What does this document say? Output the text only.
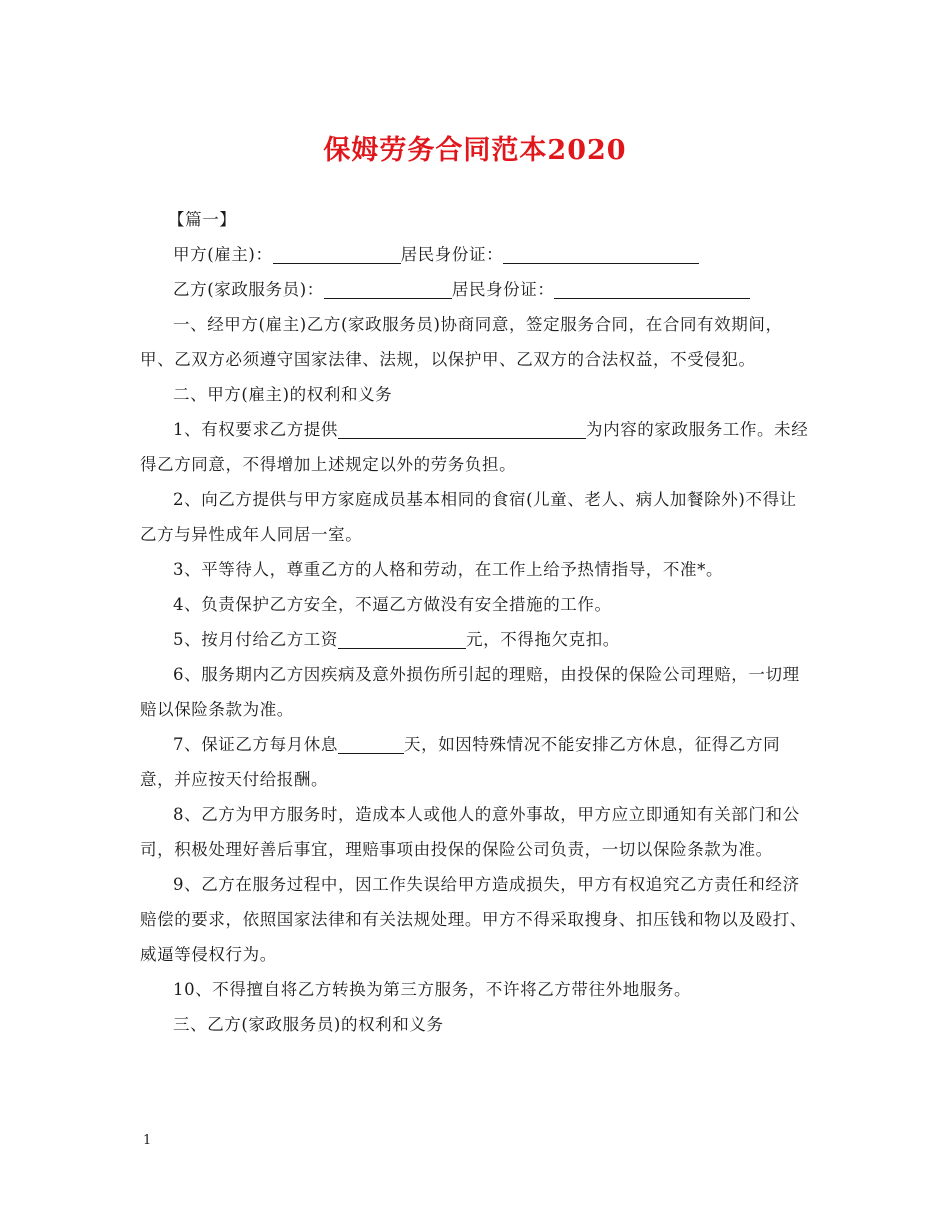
保姆劳务合同范本2020

【篇一】

甲方(雇主)：	居民身份证：

乙方(家政服务员)：	居民身份证：

一、经甲方(雇主)乙方(家政服务员)协商同意，签定服务合同，在合同有效期间，甲、乙双方必须遵守国家法律、法规，以保护甲、乙双方的合法权益，不受侵犯。

二、甲方(雇主)的权利和义务

1、有权要求乙方提供	为内容的家政服务工作。未经得乙方同意，不得增加上述规定以外的劳务负担。

2、向乙方提供与甲方家庭成员基本相同的食宿(儿童、老人、病人加餐除外)不得让乙方与异性成年人同居一室。

3、平等待人，尊重乙方的人格和劳动，在工作上给予热情指导，不准*。

4、负责保护乙方安全，不逼乙方做没有安全措施的工作。

5、按月付给乙方工资	元，不得拖欠克扣。

6、服务期内乙方因疾病及意外损伤所引起的理赔，由投保的保险公司理赔，一切理赔以保险条款为准。

7、保证乙方每月休息	天，如因特殊情况不能安排乙方休息，征得乙方同意，并应按天付给报酬。

8、乙方为甲方服务时，造成本人或他人的意外事故，甲方应立即通知有关部门和公司，积极处理好善后事宜，理赔事项由投保的保险公司负责，一切以保险条款为准。

9、乙方在服务过程中，因工作失误给甲方造成损失，甲方有权追究乙方责任和经济赔偿的要求，依照国家法律和有关法规处理。甲方不得采取搜身、扣压钱和物以及殴打、威逼等侵权行为。

10、不得擅自将乙方转换为第三方服务，不许将乙方带往外地服务。

三、乙方(家政服务员)的权利和义务

1
